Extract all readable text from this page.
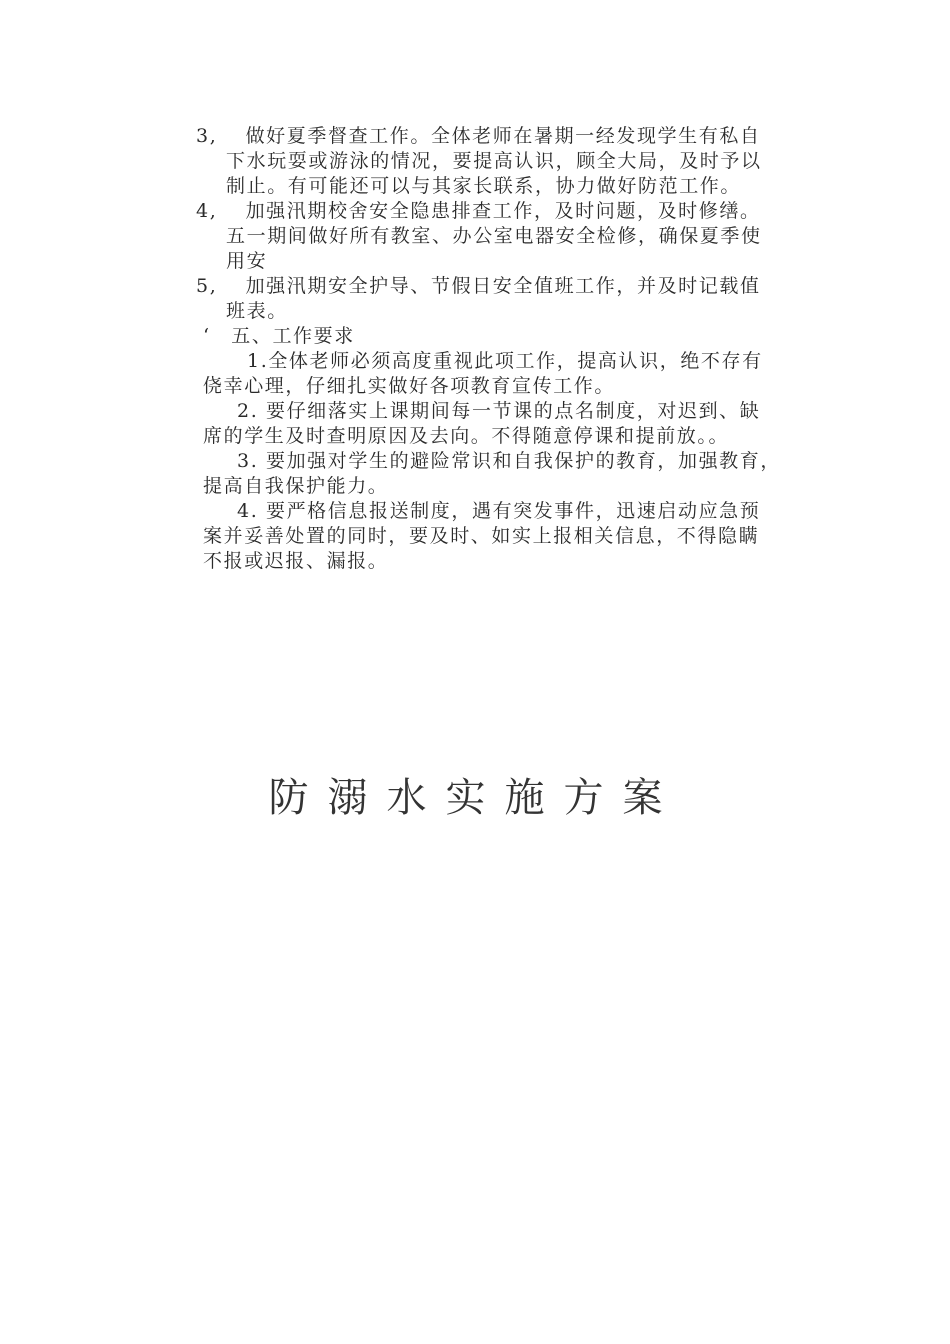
3,　 做好夏季督查工作。全体老师在暑期一经发现学生有私自
下水玩耍或游泳的情况，要提高认识，顾全大局，及时予以
制止。有可能还可以与其家长联系，协力做好防范工作。
4,　 加强汛期校舍安全隐患排查工作，及时问题，及时修缮。
五一期间做好所有教室、办公室电器安全检修，确保夏季使
用安
5,　 加强汛期安全护导、节假日安全值班工作，并及时记载值
班表。
‘　五、工作要求
1.全体老师必须高度重视此项工作，提高认识，绝不存有
侥幸心理，仔细扎实做好各项教育宣传工作。
2. 要仔细落实上课期间每一节课的点名制度，对迟到、缺
席的学生及时查明原因及去向。不得随意停课和提前放。。
3. 要加强对学生的避险常识和自我保护的教育，加强教育，
提高自我保护能力。
4. 要严格信息报送制度，遇有突发事件，迅速启动应急预
案并妥善处置的同时，要及时、如实上报相关信息，不得隐瞒
不报或迟报、漏报。
防溺水实施方案
